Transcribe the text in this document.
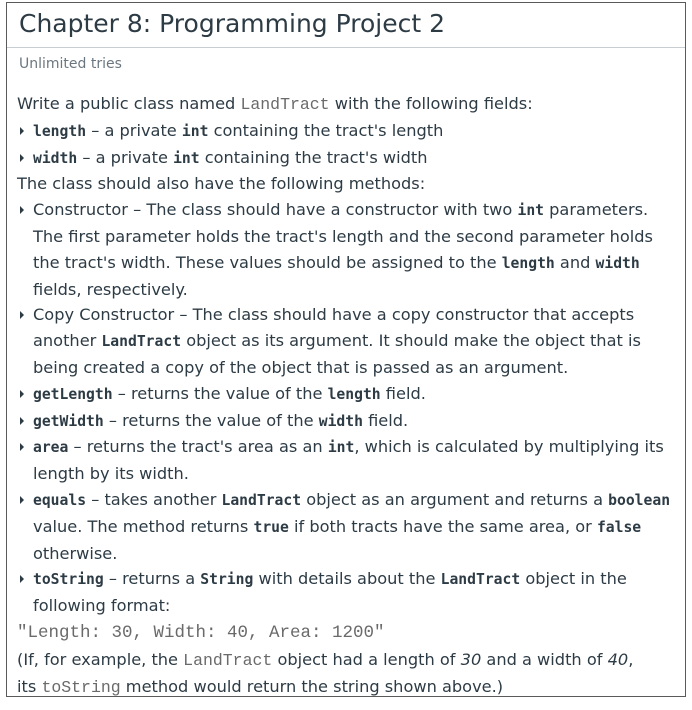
Chapter 8: Programming Project 2
Unlimited tries

Write a public class named LandTract with the following fields:

length – a private int containing the tract's length
width – a private int containing the tract's width

The class should also have the following methods:

Constructor – The class should have a constructor with two int parameters. The first parameter holds the tract's length and the second parameter holds the tract's width. These values should be assigned to the length and width fields, respectively.
Copy Constructor – The class should have a copy constructor that accepts another LandTract object as its argument. It should make the object that is being created a copy of the object that is passed as an argument.
getLength – returns the value of the length field.
getWidth – returns the value of the width field.
area – returns the tract's area as an int, which is calculated by multiplying its length by its width.
equals – takes another LandTract object as an argument and returns a boolean value. The method returns true if both tracts have the same area, or false otherwise.
toString – returns a String with details about the LandTract object in the following format:
"Length: 30, Width: 40, Area: 1200"

(If, for example, the LandTract object had a length of 30 and a width of 40,
its toString method would return the string shown above.)
